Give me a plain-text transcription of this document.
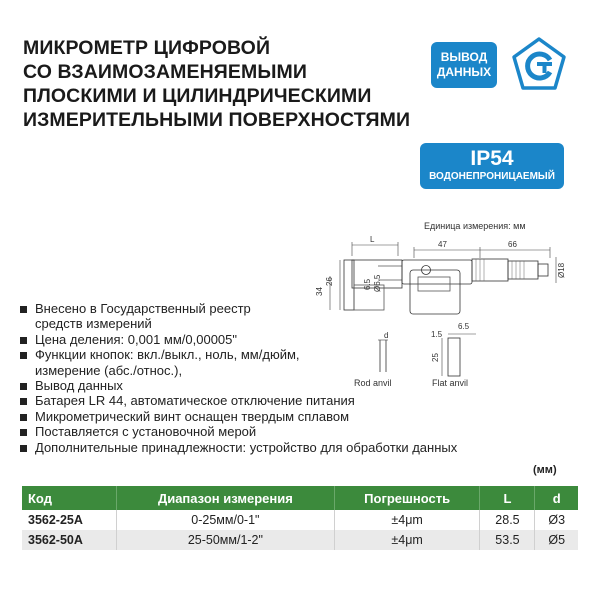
МИКРОМЕТР ЦИФРОВОЙ
СО ВЗАИМОЗАМЕНЯЕМЫМИ
ПЛОСКИМИ И ЦИЛИНДРИЧЕСКИМИ
ИЗМЕРИТЕЛЬНЫМИ ПОВЕРХНОСТЯМИ
ВЫВОД
ДАННЫХ
IP54
ВОДОНЕПРОНИЦАЕМЫЙ
Единица измерения: мм
L
47	66
34
26	6.5 Ø6.5
Ø18
d	1.5
6.5
25
Rod anvil	Flat anvil
Внесено в Государственный реестр
средств измерений
Цена деления: 0,001 мм/0,00005"
Функции кнопок: вкл./выкл., ноль, мм/дюйм,
измерение (абс./относ.),
Вывод данных
Батарея LR 44, автоматическое отключение питания
Микрометрический винт оснащен твердым сплавом
Поставляется с установочной мерой
Дополнительные принадлежности: устройство для обработки данных
(мм)
Код	Диапазон измерения	Погрешность	L	d
3562-25A	0-25мм/0-1"	±4μm	28.5	Ø3
3562-50A	25-50мм/1-2"	±4μm	53.5	Ø5
